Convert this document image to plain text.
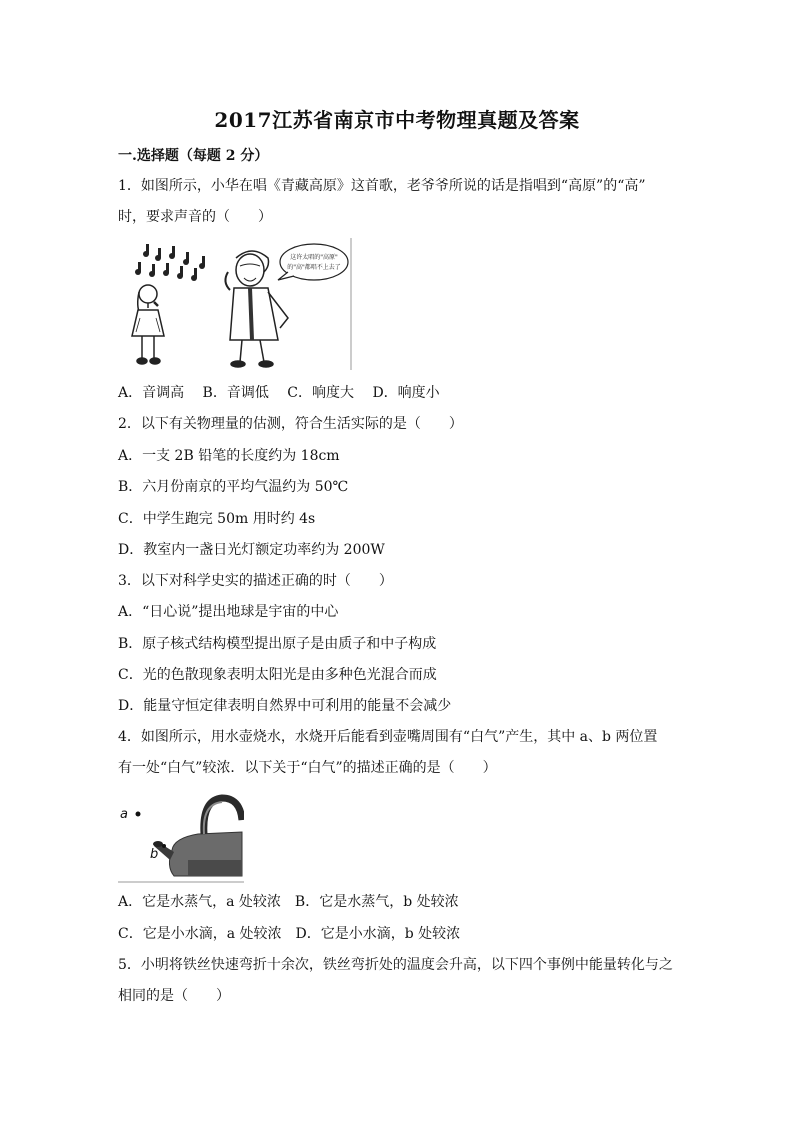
2017江苏省南京市中考物理真题及答案
一.选择题（每题 2 分）
1．如图所示，小华在唱《青藏高原》这首歌，老爷爷所说的话是指唱到“高原”的“高”
时，要求声音的（　　）
这许太唱的"高原"
的"高"都唱不上去了
A．音调高　 B．音调低　 C．响度大　 D．响度小
2．以下有关物理量的估测，符合生活实际的是（　　）
A．一支 2B 铅笔的长度约为 18cm
B．六月份南京的平均气温约为 50℃
C．中学生跑完 50m 用时约 4s
D．教室内一盏日光灯额定功率约为 200W
3．以下对科学史实的描述正确的时（　　）
A．“日心说”提出地球是宇宙的中心
B．原子核式结构模型提出原子是由质子和中子构成
C．光的色散现象表明太阳光是由多种色光混合而成
D．能量守恒定律表明自然界中可利用的能量不会减少
4．如图所示，用水壶烧水，水烧开后能看到壶嘴周围有“白气”产生，其中 a、b 两位置
有一处“白气”较浓．以下关于“白气”的描述正确的是（　　）
a
b
A．它是水蒸气，a 处较浓　B．它是水蒸气，b 处较浓
C．它是小水滴，a 处较浓　D．它是小水滴，b 处较浓
5．小明将铁丝快速弯折十余次，铁丝弯折处的温度会升高，以下四个事例中能量转化与之
相同的是（　　）
